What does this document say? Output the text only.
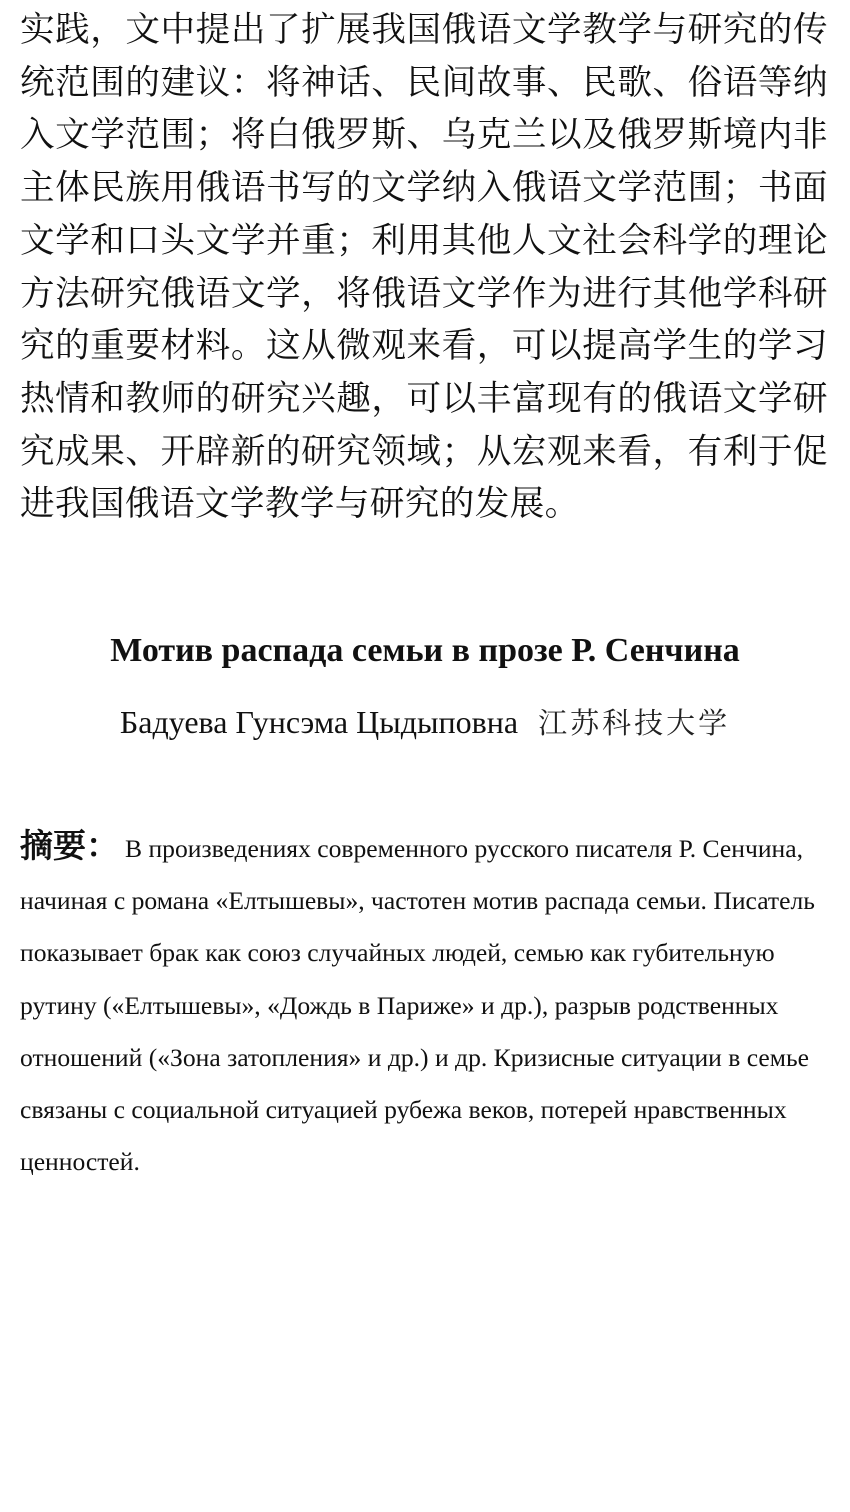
实践，文中提出了扩展我国俄语文学教学与研究的传统范围的建议：将神话、民间故事、民歌、俗语等纳入文学范围；将白俄罗斯、乌克兰以及俄罗斯境内非主体民族用俄语书写的文学纳入俄语文学范围；书面文学和口头文学并重；利用其他人文社会科学的理论方法研究俄语文学，将俄语文学作为进行其他学科研究的重要材料。这从微观来看，可以提高学生的学习热情和教师的研究兴趣，可以丰富现有的俄语文学研究成果、开辟新的研究领域；从宏观来看，有利于促进我国俄语文学教学与研究的发展。

Мотив распада семьи в прозе Р. Сенчина
Бадуева Гунсэма Цыдыповна 江苏科技大学

摘要： В произведениях современного русского писателя Р. Сенчина, начиная с романа «Елтышевы», частотен мотив распада семьи. Писатель показывает брак как союз случайных людей, семью как губительную рутину («Елтышевы», «Дождь в Париже» и др.), разрыв родственных отношений («Зона затопления» и др.) и др. Кризисные ситуации в семье связаны с социальной ситуацией рубежа веков, потерей нравственных ценностей.
